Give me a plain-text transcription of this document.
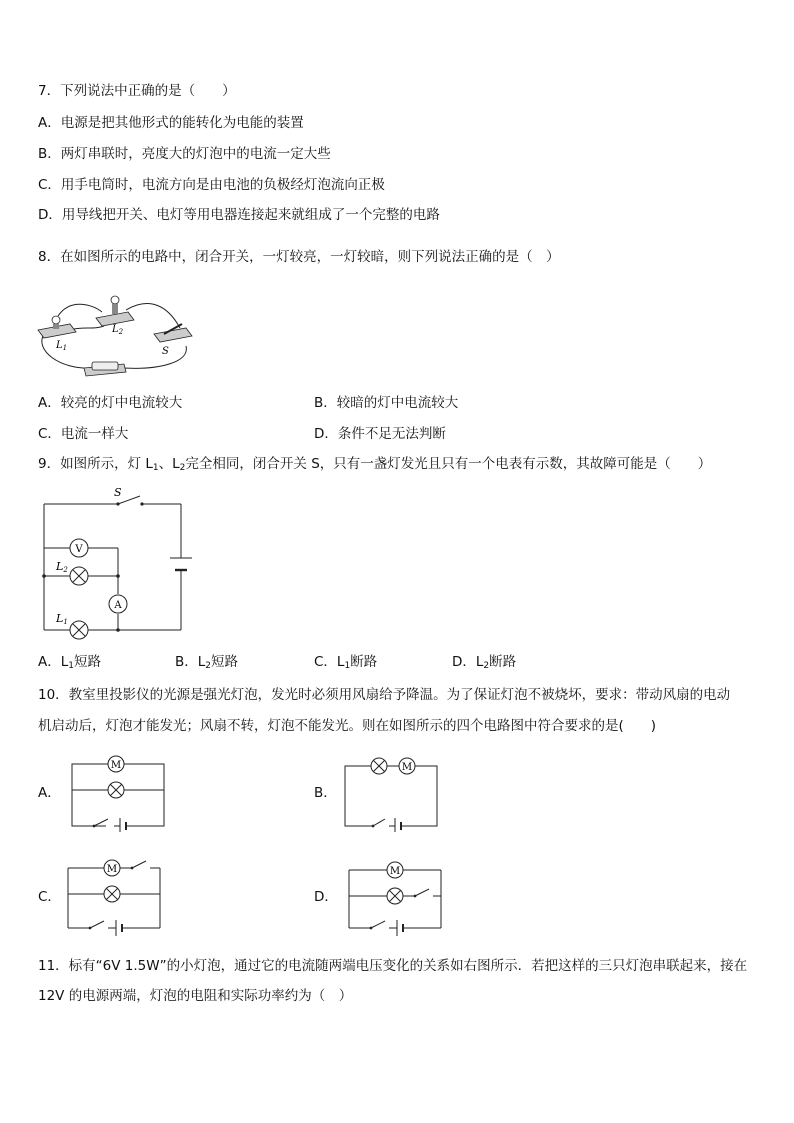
7．下列说法中正确的是（　　）
A．电源是把其他形式的能转化为电能的装置
B．两灯串联时，亮度大的灯泡中的电流一定大些
C．用手电筒时，电流方向是由电池的负极经灯泡流向正极
D．用导线把开关、电灯等用电器连接起来就组成了一个完整的电路
8．在如图所示的电路中，闭合开关，一灯较亮，一灯较暗，则下列说法正确的是（　）
$L_1$
$L_2$
S
A．较亮的灯中电流较大	B．较暗的灯中电流较大
C．电流一样大	D．条件不足无法判断
9．如图所示，灯 $L_1$、$L_2$完全相同，闭合开关 S，只有一盏灯发光且只有一个电表有示数，其故障可能是（　　）
V
A
S
L2
L1
A．$L_1$短路	B．$L_2$短路	C．$L_1$断路	D．$L_2$断路
10．教室里投影仪的光源是强光灯泡，发光时必须用风扇给予降温。为了保证灯泡不被烧坏，要求：带动风扇的电动
机启动后，灯泡才能发光；风扇不转，灯泡不能发光。则在如图所示的四个电路图中符合要求的是(　　)
A．
M
B．
M
C．
M
D．
M
11．标有“6V 1.5W”的小灯泡，通过它的电流随两端电压变化的关系如右图所示．若把这样的三只灯泡串联起来，接在
12V 的电源两端，灯泡的电阻和实际功率约为（　）
